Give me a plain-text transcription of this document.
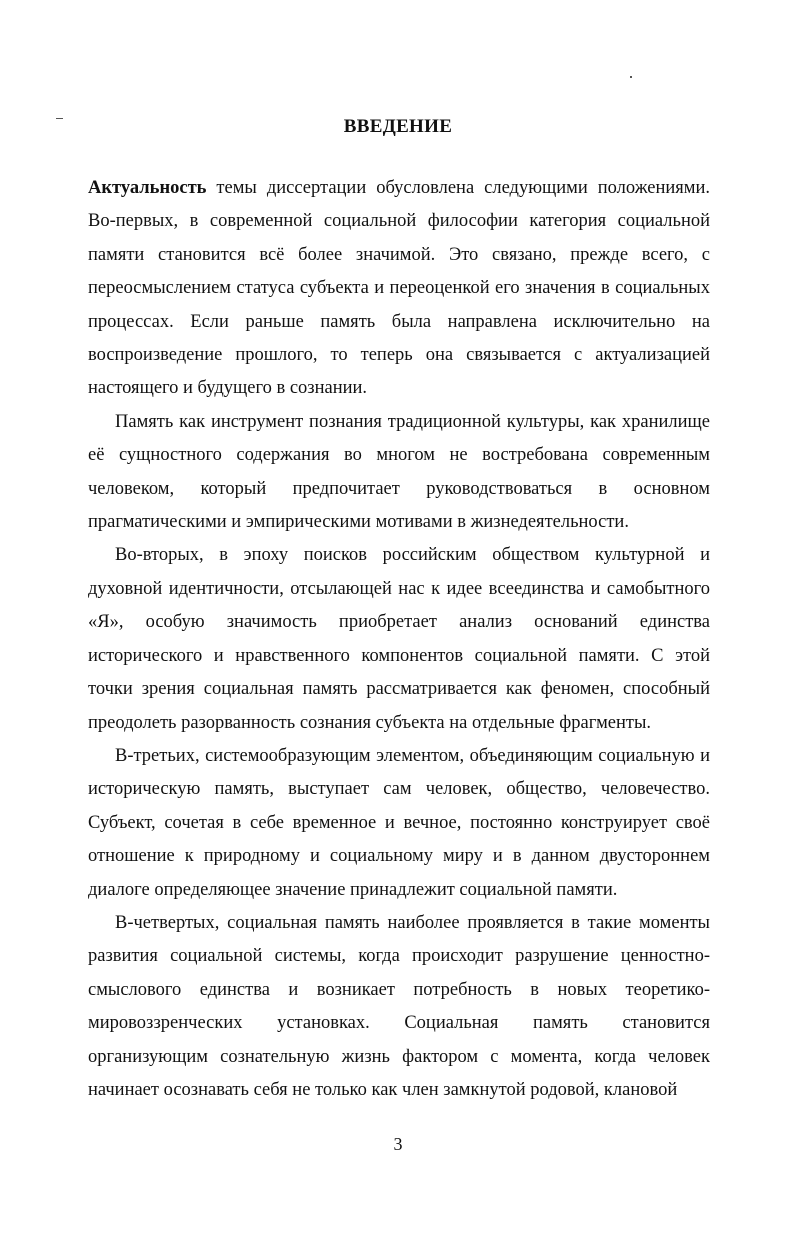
ВВЕДЕНИЕ

Актуальность темы диссертации обусловлена следующими положениями. Во-первых, в современной социальной философии категория социальной памяти становится всё более значимой. Это связано, прежде всего, с переосмыслением статуса субъекта и переоценкой его значения в социальных процессах. Если раньше память была направлена исключительно на воспроизведение прошлого, то теперь она связывается с актуализацией настоящего и будущего в сознании.

Память как инструмент познания традиционной культуры, как хранилище её сущностного содержания во многом не востребована современным человеком, который предпочитает руководствоваться в основном прагматическими и эмпирическими мотивами в жизнедеятельности.

Во-вторых, в эпоху поисков российским обществом культурной и духовной идентичности, отсылающей нас к идее всеединства и самобытного «Я», особую значимость приобретает анализ оснований единства исторического и нравственного компонентов социальной памяти. С этой точки зрения социальная память рассматривается как феномен, способный преодолеть разорванность сознания субъекта на отдельные фрагменты.

В-третьих, системообразующим элементом, объединяющим социальную и историческую память, выступает сам человек, общество, человечество. Субъект, сочетая в себе временное и вечное, постоянно конструирует своё отношение к природному и социальному миру и в данном двустороннем диалоге определяющее значение принадлежит социальной памяти.

В-четвертых, социальная память наиболее проявляется в такие моменты развития социальной системы, когда происходит разрушение ценностно-смыслового единства и возникает потребность в новых теоретико-мировоззренческих установках. Социальная память становится организующим сознательную жизнь фактором с момента, когда человек начинает осознавать себя не только как член замкнутой родовой, клановой

3
